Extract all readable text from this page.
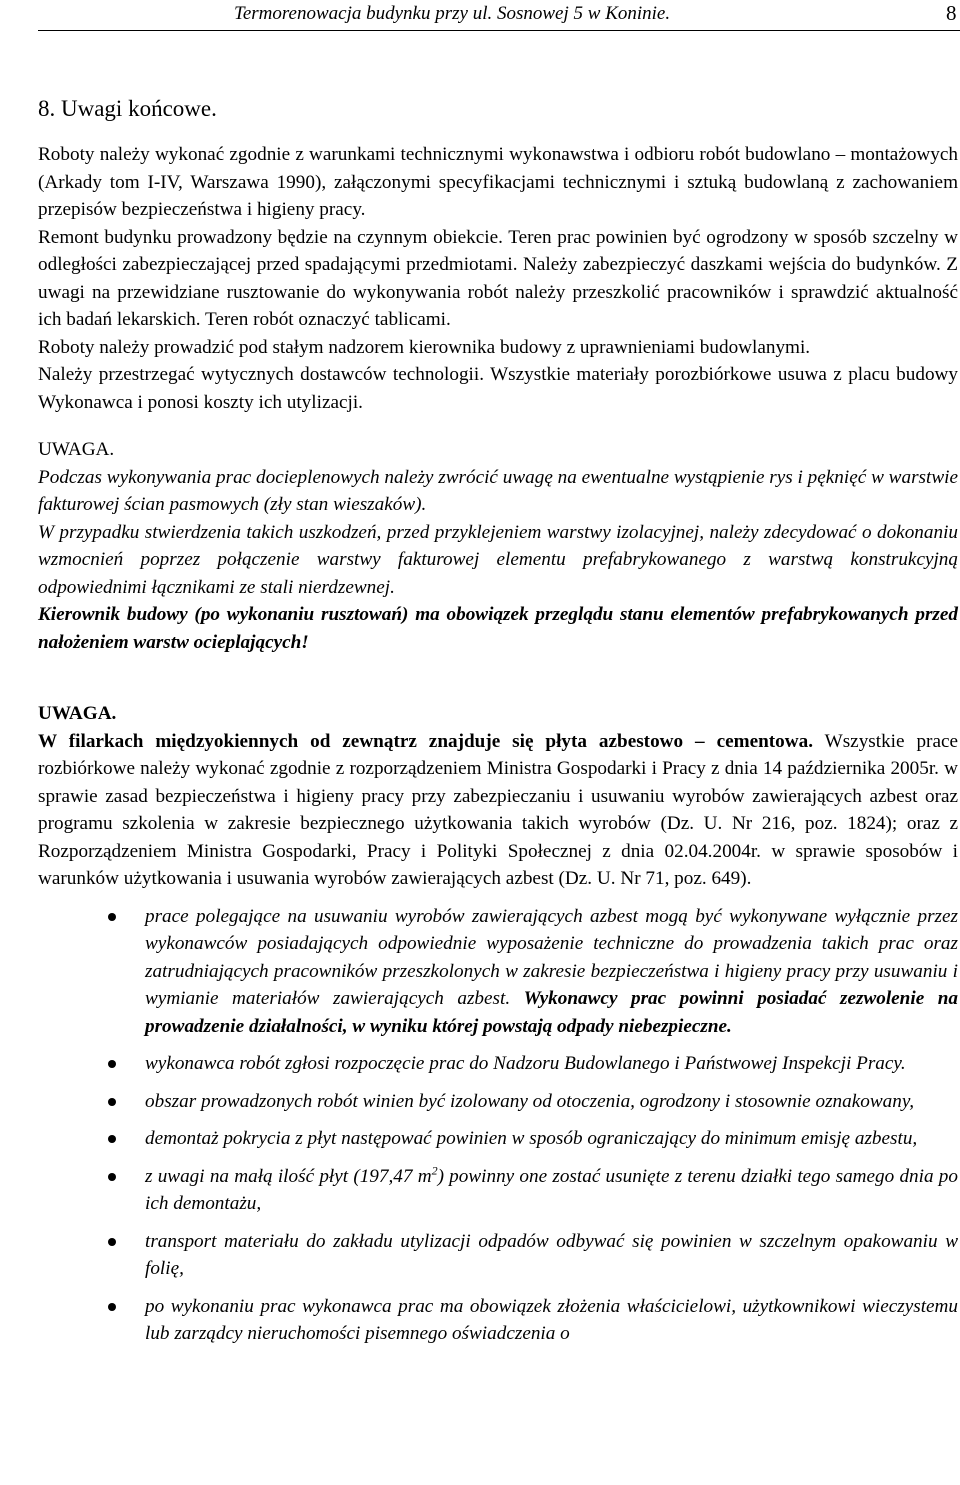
Termorenowacja budynku przy ul. Sosnowej 5 w Koninie.	8
8. Uwagi końcowe.

Roboty należy wykonać zgodnie z warunkami technicznymi wykonawstwa i odbioru robót budowlano – montażowych (Arkady tom I-IV, Warszawa 1990), załączonymi specyfikacjami technicznymi i sztuką budowlaną z zachowaniem przepisów bezpieczeństwa i higieny pracy.

Remont budynku prowadzony będzie na czynnym obiekcie. Teren prac powinien być ogrodzony w sposób szczelny w odległości zabezpieczającej przed spadającymi przedmiotami. Należy zabezpieczyć daszkami wejścia do budynków. Z uwagi na przewidziane rusztowanie do wykonywania robót należy przeszkolić pracowników i sprawdzić aktualność ich badań lekarskich. Teren robót oznaczyć tablicami.

Roboty należy prowadzić pod stałym nadzorem kierownika budowy z uprawnieniami budowlanymi.

Należy przestrzegać wytycznych dostawców technologii. Wszystkie materiały porozbiórkowe usuwa z placu budowy Wykonawca i ponosi koszty ich utylizacji.

UWAGA.

Podczas wykonywania prac docieplenowych należy zwrócić uwagę na ewentualne wystąpienie rys i pęknięć w warstwie fakturowej ścian pasmowych (zły stan wieszaków).

W przypadku stwierdzenia takich uszkodzeń, przed przyklejeniem warstwy izolacyjnej, należy zdecydować o dokonaniu wzmocnień poprzez połączenie warstwy fakturowej elementu prefabrykowanego z warstwą konstrukcyjną odpowiednimi łącznikami ze stali nierdzewnej.

Kierownik budowy (po wykonaniu rusztowań) ma obowiązek przeglądu stanu elementów prefabrykowanych przed nałożeniem warstw ocieplających!

UWAGA.

W filarkach międzyokiennych od zewnątrz znajduje się płyta azbestowo – cementowa. Wszystkie prace rozbiórkowe należy wykonać zgodnie z rozporządzeniem Ministra Gospodarki i Pracy z dnia 14 października 2005r. w sprawie zasad bezpieczeństwa i higieny pracy przy zabezpieczaniu i usuwaniu wyrobów zawierających azbest oraz programu szkolenia w zakresie bezpiecznego użytkowania takich wyrobów (Dz. U. Nr 216, poz. 1824); oraz z Rozporządzeniem Ministra Gospodarki, Pracy i Polityki Społecznej z dnia 02.04.2004r. w sprawie sposobów i warunków użytkowania i usuwania wyrobów zawierających azbest (Dz. U. Nr 71, poz. 649).

prace polegające na usuwaniu wyrobów zawierających azbest mogą być wykonywane wyłącznie przez wykonawców posiadających odpowiednie wyposażenie techniczne do prowadzenia takich prac oraz zatrudniających pracowników przeszkolonych w zakresie bezpieczeństwa i higieny pracy przy usuwaniu i wymianie materiałów zawierających azbest. Wykonawcy prac powinni posiadać zezwolenie na prowadzenie działalności, w wyniku której powstają odpady niebezpieczne.
wykonawca robót zgłosi rozpoczęcie prac do Nadzoru Budowlanego i Państwowej Inspekcji Pracy.
obszar prowadzonych robót winien być izolowany od otoczenia, ogrodzony i stosownie oznakowany,
demontaż pokrycia z płyt następować powinien w sposób ograniczający do minimum emisję azbestu,
z uwagi na małą ilość płyt (197,47 $m^2$) powinny one zostać usunięte z terenu działki tego samego dnia po ich demontażu,
transport materiału do zakładu utylizacji odpadów odbywać się powinien w szczelnym opakowaniu w folię,
po wykonaniu prac wykonawca prac ma obowiązek złożenia właścicielowi, użytkownikowi wieczystemu lub zarządcy nieruchomości pisemnego oświadczenia o
